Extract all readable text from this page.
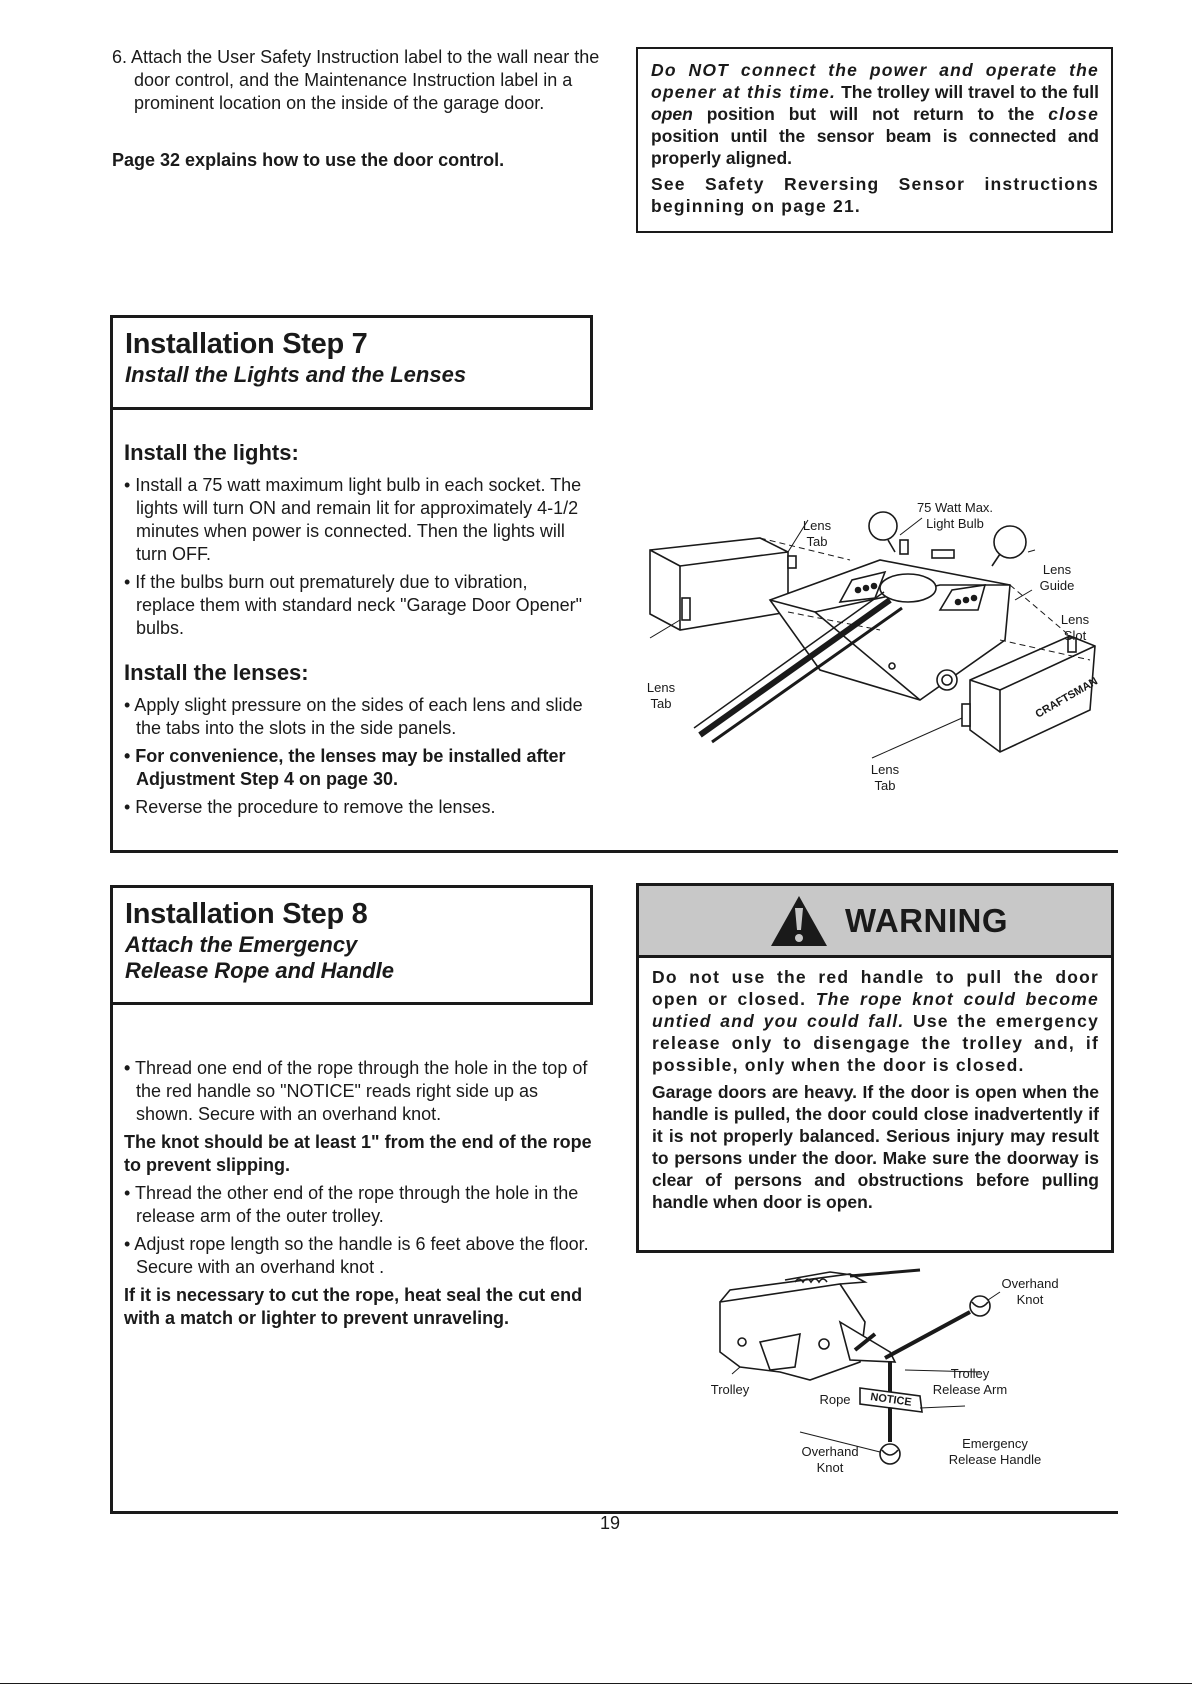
6. Attach the User Safety Instruction label to the wall near the door control, and the Maintenance Instruction label in a prominent location on the inside of the garage door.

Page 32 explains how to use the door control.

Do NOT connect the power and operate the opener at this time. The trolley will travel to the full open position but will not return to the close position until the sensor beam is connected and properly aligned.

See Safety Reversing Sensor instructions beginning on page 21.

Installation Step 7
Install the Lights and the Lenses
Install the lights:

• Install a 75 watt maximum light bulb in each socket. The lights will turn ON and remain lit for approximately 4-1/2 minutes when power is connected. Then the lights will turn OFF.

• If the bulbs burn out prematurely due to vibration, replace them with standard neck "Garage Door Opener" bulbs.

Install the lenses:

• Apply slight pressure on the sides of each lens and slide the tabs into the slots in the side panels.

• For convenience, the lenses may be installed after Adjustment Step 4 on page 30.

• Reverse the procedure to remove the lenses.

CRAFTSMAN
Lens
Tab
75 Watt Max.
Light Bulb
Lens
Guide
Lens
Slot
Lens
Tab
Lens
Tab
Installation Step 8
Attach the Emergency
Release Rope and Handle

• Thread one end of the rope through the hole in the top of the red handle so "NOTICE" reads right side up as shown. Secure with an overhand knot.

The knot should be at least 1" from the end of the rope to prevent slipping.

• Thread the other end of the rope through the hole in the release arm of the outer trolley.

• Adjust rope length so the handle is 6 feet above the floor. Secure with an overhand knot .

If it is necessary to cut the rope, heat seal the cut end with a match or lighter to prevent unraveling.

WARNING

Do not use the red handle to pull the door open or closed. The rope knot could become untied and you could fall. Use the emergency release only to disengage the trolley and, if possible, only when the door is closed.

Garage doors are heavy. If the door is open when the handle is pulled, the door could close inadvertently if it is not properly balanced. Serious injury may result to persons under the door. Make sure the doorway is clear of persons and obstructions before pulling handle when door is open.

NOTICE
Overhand
Knot
Trolley
Trolley
Release Arm
Rope
Emergency
Release Handle
Overhand
Knot
19
